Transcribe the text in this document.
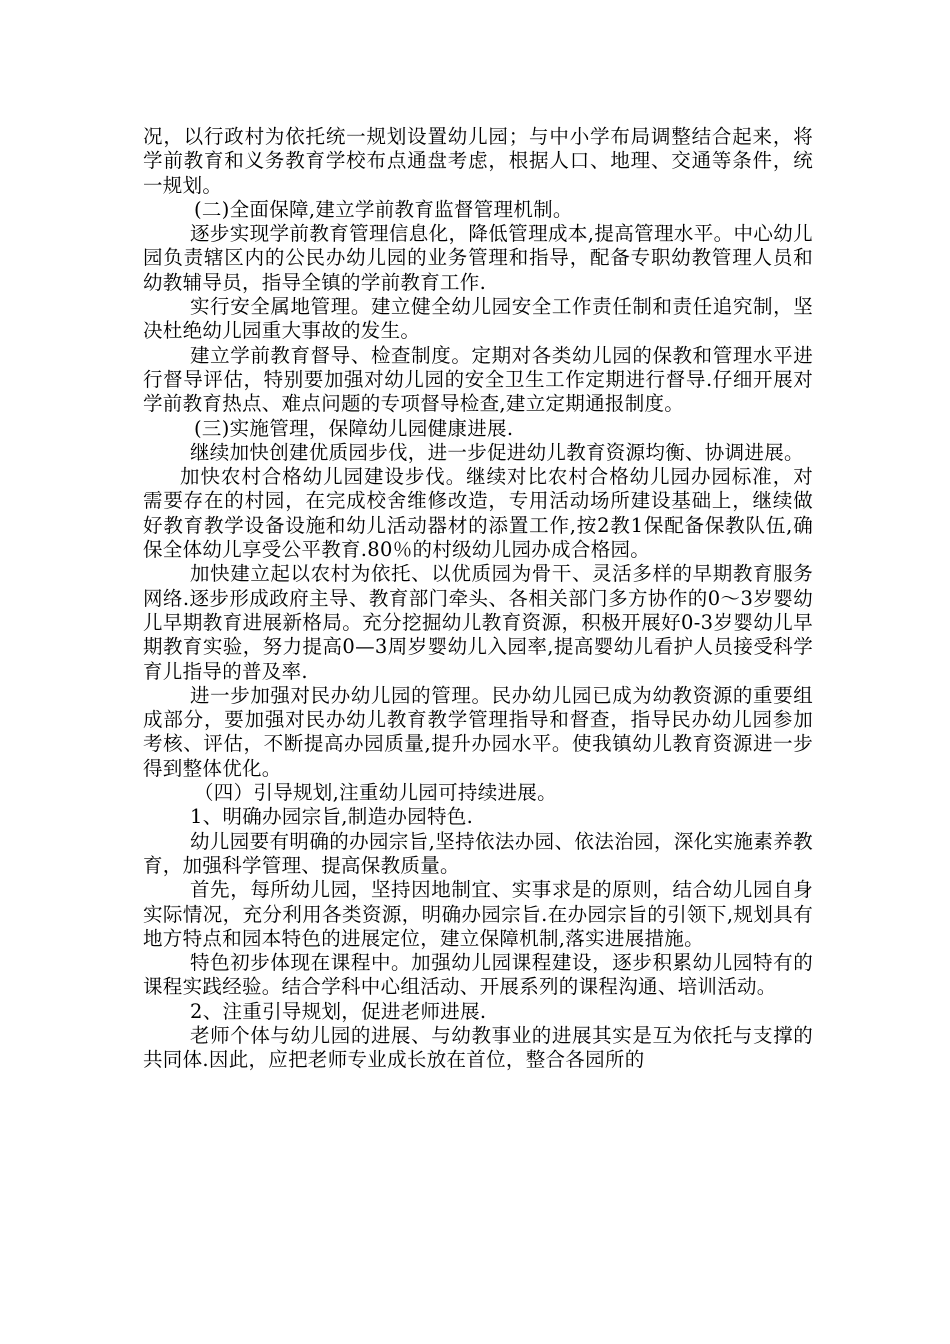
况，以行政村为依托统一规划设置幼儿园；与中小学布局调整结合起来，将学前教育和义务教育学校布点通盘考虑，根据人口、地理、交通等条件，统一规划。

(二)全面保障,建立学前教育监督管理机制。

逐步实现学前教育管理信息化，降低管理成本,提高管理水平。中心幼儿园负责辖区内的公民办幼儿园的业务管理和指导，配备专职幼教管理人员和幼教辅导员，指导全镇的学前教育工作.

实行安全属地管理。建立健全幼儿园安全工作责任制和责任追究制，坚决杜绝幼儿园重大事故的发生。

建立学前教育督导、检查制度。定期对各类幼儿园的保教和管理水平进行督导评估，特别要加强对幼儿园的安全卫生工作定期进行督导.仔细开展对学前教育热点、难点问题的专项督导检查,建立定期通报制度。

(三)实施管理，保障幼儿园健康进展.

继续加快创建优质园步伐，进一步促进幼儿教育资源均衡、协调进展。

加快农村合格幼儿园建设步伐。继续对比农村合格幼儿园办园标准，对需要存在的村园，在完成校舍维修改造，专用活动场所建设基础上，继续做好教育教学设备设施和幼儿活动器材的添置工作,按2教1保配备保教队伍,确保全体幼儿享受公平教育.80％的村级幼儿园办成合格园。

加快建立起以农村为依托、以优质园为骨干、灵活多样的早期教育服务网络.逐步形成政府主导、教育部门牵头、各相关部门多方协作的0～3岁婴幼儿早期教育进展新格局。充分挖掘幼儿教育资源，积极开展好0-3岁婴幼儿早期教育实验，努力提高0—3周岁婴幼儿入园率,提高婴幼儿看护人员接受科学育儿指导的普及率.

进一步加强对民办幼儿园的管理。民办幼儿园已成为幼教资源的重要组成部分，要加强对民办幼儿教育教学管理指导和督查，指导民办幼儿园参加考核、评估，不断提高办园质量,提升办园水平。使我镇幼儿教育资源进一步得到整体优化。

（四）引导规划,注重幼儿园可持续进展。

1、明确办园宗旨,制造办园特色.

幼儿园要有明确的办园宗旨,坚持依法办园、依法治园，深化实施素养教育，加强科学管理、提高保教质量。

首先，每所幼儿园，坚持因地制宜、实事求是的原则，结合幼儿园自身实际情况，充分利用各类资源，明确办园宗旨.在办园宗旨的引领下,规划具有地方特点和园本特色的进展定位，建立保障机制,落实进展措施。

特色初步体现在课程中。加强幼儿园课程建设，逐步积累幼儿园特有的课程实践经验。结合学科中心组活动、开展系列的课程沟通、培训活动。

2、注重引导规划，促进老师进展.

老师个体与幼儿园的进展、与幼教事业的进展其实是互为依托与支撑的共同体.因此，应把老师专业成长放在首位，整合各园所的
